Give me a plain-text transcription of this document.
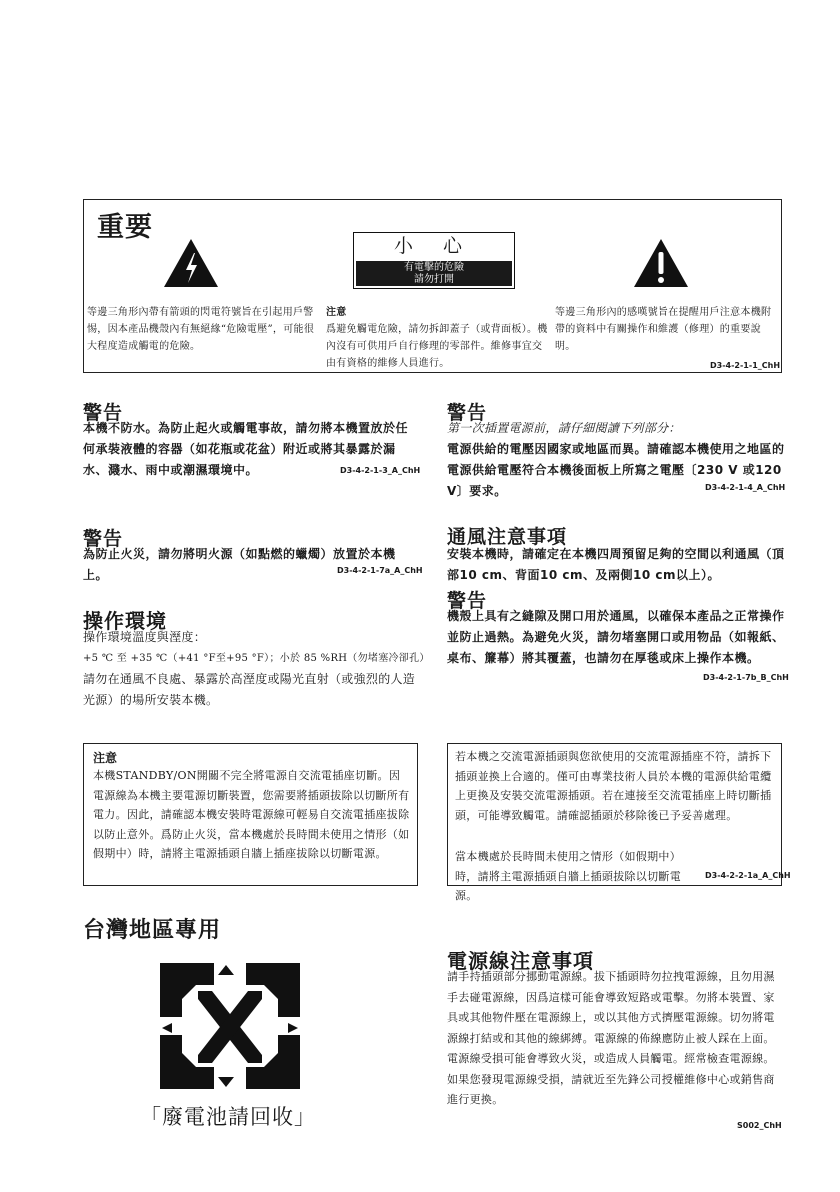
重要
小 心
有電擊的危險
請勿打開
等邊三角形內帶有箭頭的閃電符號旨在引起用戶警惕，因本產品機殼內有無絕緣“危險電壓”，可能很大程度造成觸電的危險。
注意
爲避免觸電危險，請勿拆卸蓋子（或背面板）。機內沒有可供用戶自行修理的零部件。維修事宜交由有資格的維修人員進行。
等邊三角形內的感嘆號旨在提醒用戶注意本機附帶的資料中有關操作和維護（修理）的重要說明。
D3-4-2-1-1_ChH
警告
本機不防水。為防止起火或觸電事故，請勿將本機置放於任何承裝液體的容器（如花瓶或花盆）附近或將其暴露於漏水、濺水、雨中或潮濕環境中。	D3-4-2-1-3_A_ChH
警告
第一次插置電源前，請仔細閱讀下列部分：
電源供給的電壓因國家或地區而異。請確認本機使用之地區的電源供給電壓符合本機後面板上所寫之電壓〔230 V 或120 V〕要求。	D3-4-2-1-4_A_ChH
警告
為防止火災，請勿將明火源（如點燃的蠟燭）放置於本機上。	D3-4-2-1-7a_A_ChH
通風注意事項
安裝本機時，請確定在本機四周預留足夠的空間以利通風（頂部10 cm、背面10 cm、及兩側10 cm以上）。
警告
機殼上具有之縫隙及開口用於通風，以確保本產品之正常操作並防止過熱。為避免火災，請勿堵塞開口或用物品（如報紙、桌布、簾幕）將其覆蓋，也請勿在厚毯或床上操作本機。
D3-4-2-1-7b_B_ChH
操作環境
操作環境溫度與溼度：
+5 ℃ 至 +35 ℃（+41 °F至+95 °F）；小於 85 %RH（勿堵塞冷卻孔）
請勿在通風不良處、暴露於高溼度或陽光直射（或強烈的人造光源）的場所安裝本機。
注意
本機STANDBY/ON開關不完全將電源自交流電插座切斷。因電源線為本機主要電源切斷裝置，您需要將插頭拔除以切斷所有電力。因此，請確認本機安裝時電源線可輕易自交流電插座拔除以防止意外。爲防止火災，當本機處於長時間未使用之情形（如假期中）時，請將主電源插頭自牆上插座拔除以切斷電源。
若本機之交流電源插頭與您欲使用的交流電源插座不符，請拆下插頭並換上合適的。僅可由專業技術人員於本機的電源供給電纜上更換及安裝交流電源插頭。若在連接至交流電插座上時切斷插頭，可能導致觸電。請確認插頭於移除後已予妥善處理。
當本機處於長時間未使用之情形（如假期中）時，請將主電源插頭自牆上插頭拔除以切斷電源。
D3-4-2-2-1a_A_ChH
台灣地區專用
「廢電池請回收」
電源線注意事項
請手持插頭部分挪動電源線。拔下插頭時勿拉拽電源線，且勿用濕手去碰電源線，因爲這樣可能會導致短路或電擊。勿將本裝置、家具或其他物件壓在電源線上，或以其他方式擠壓電源線。切勿將電源線打結或和其他的線綁縛。電源線的佈線應防止被人踩在上面。電源線受損可能會導致火災，或造成人員觸電。經常檢查電源線。如果您發現電源線受損，請就近至先鋒公司授權維修中心或銷售商進行更換。
S002_ChH
